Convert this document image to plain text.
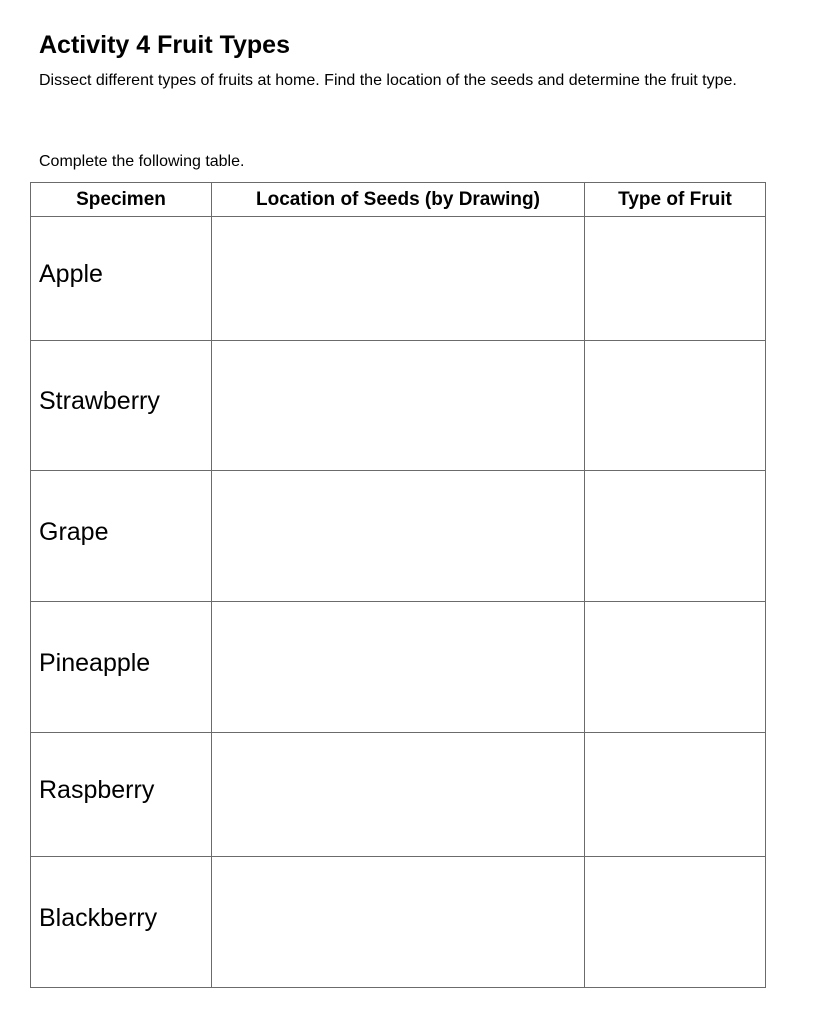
Activity 4 Fruit Types

Dissect different types of fruits at home. Find the location of the seeds and determine the fruit type.

Complete the following table.

Specimen	Location of Seeds (by Drawing)	Type of Fruit
Apple		
Strawberry		
Grape		
Pineapple		
Raspberry		
Blackberry		
